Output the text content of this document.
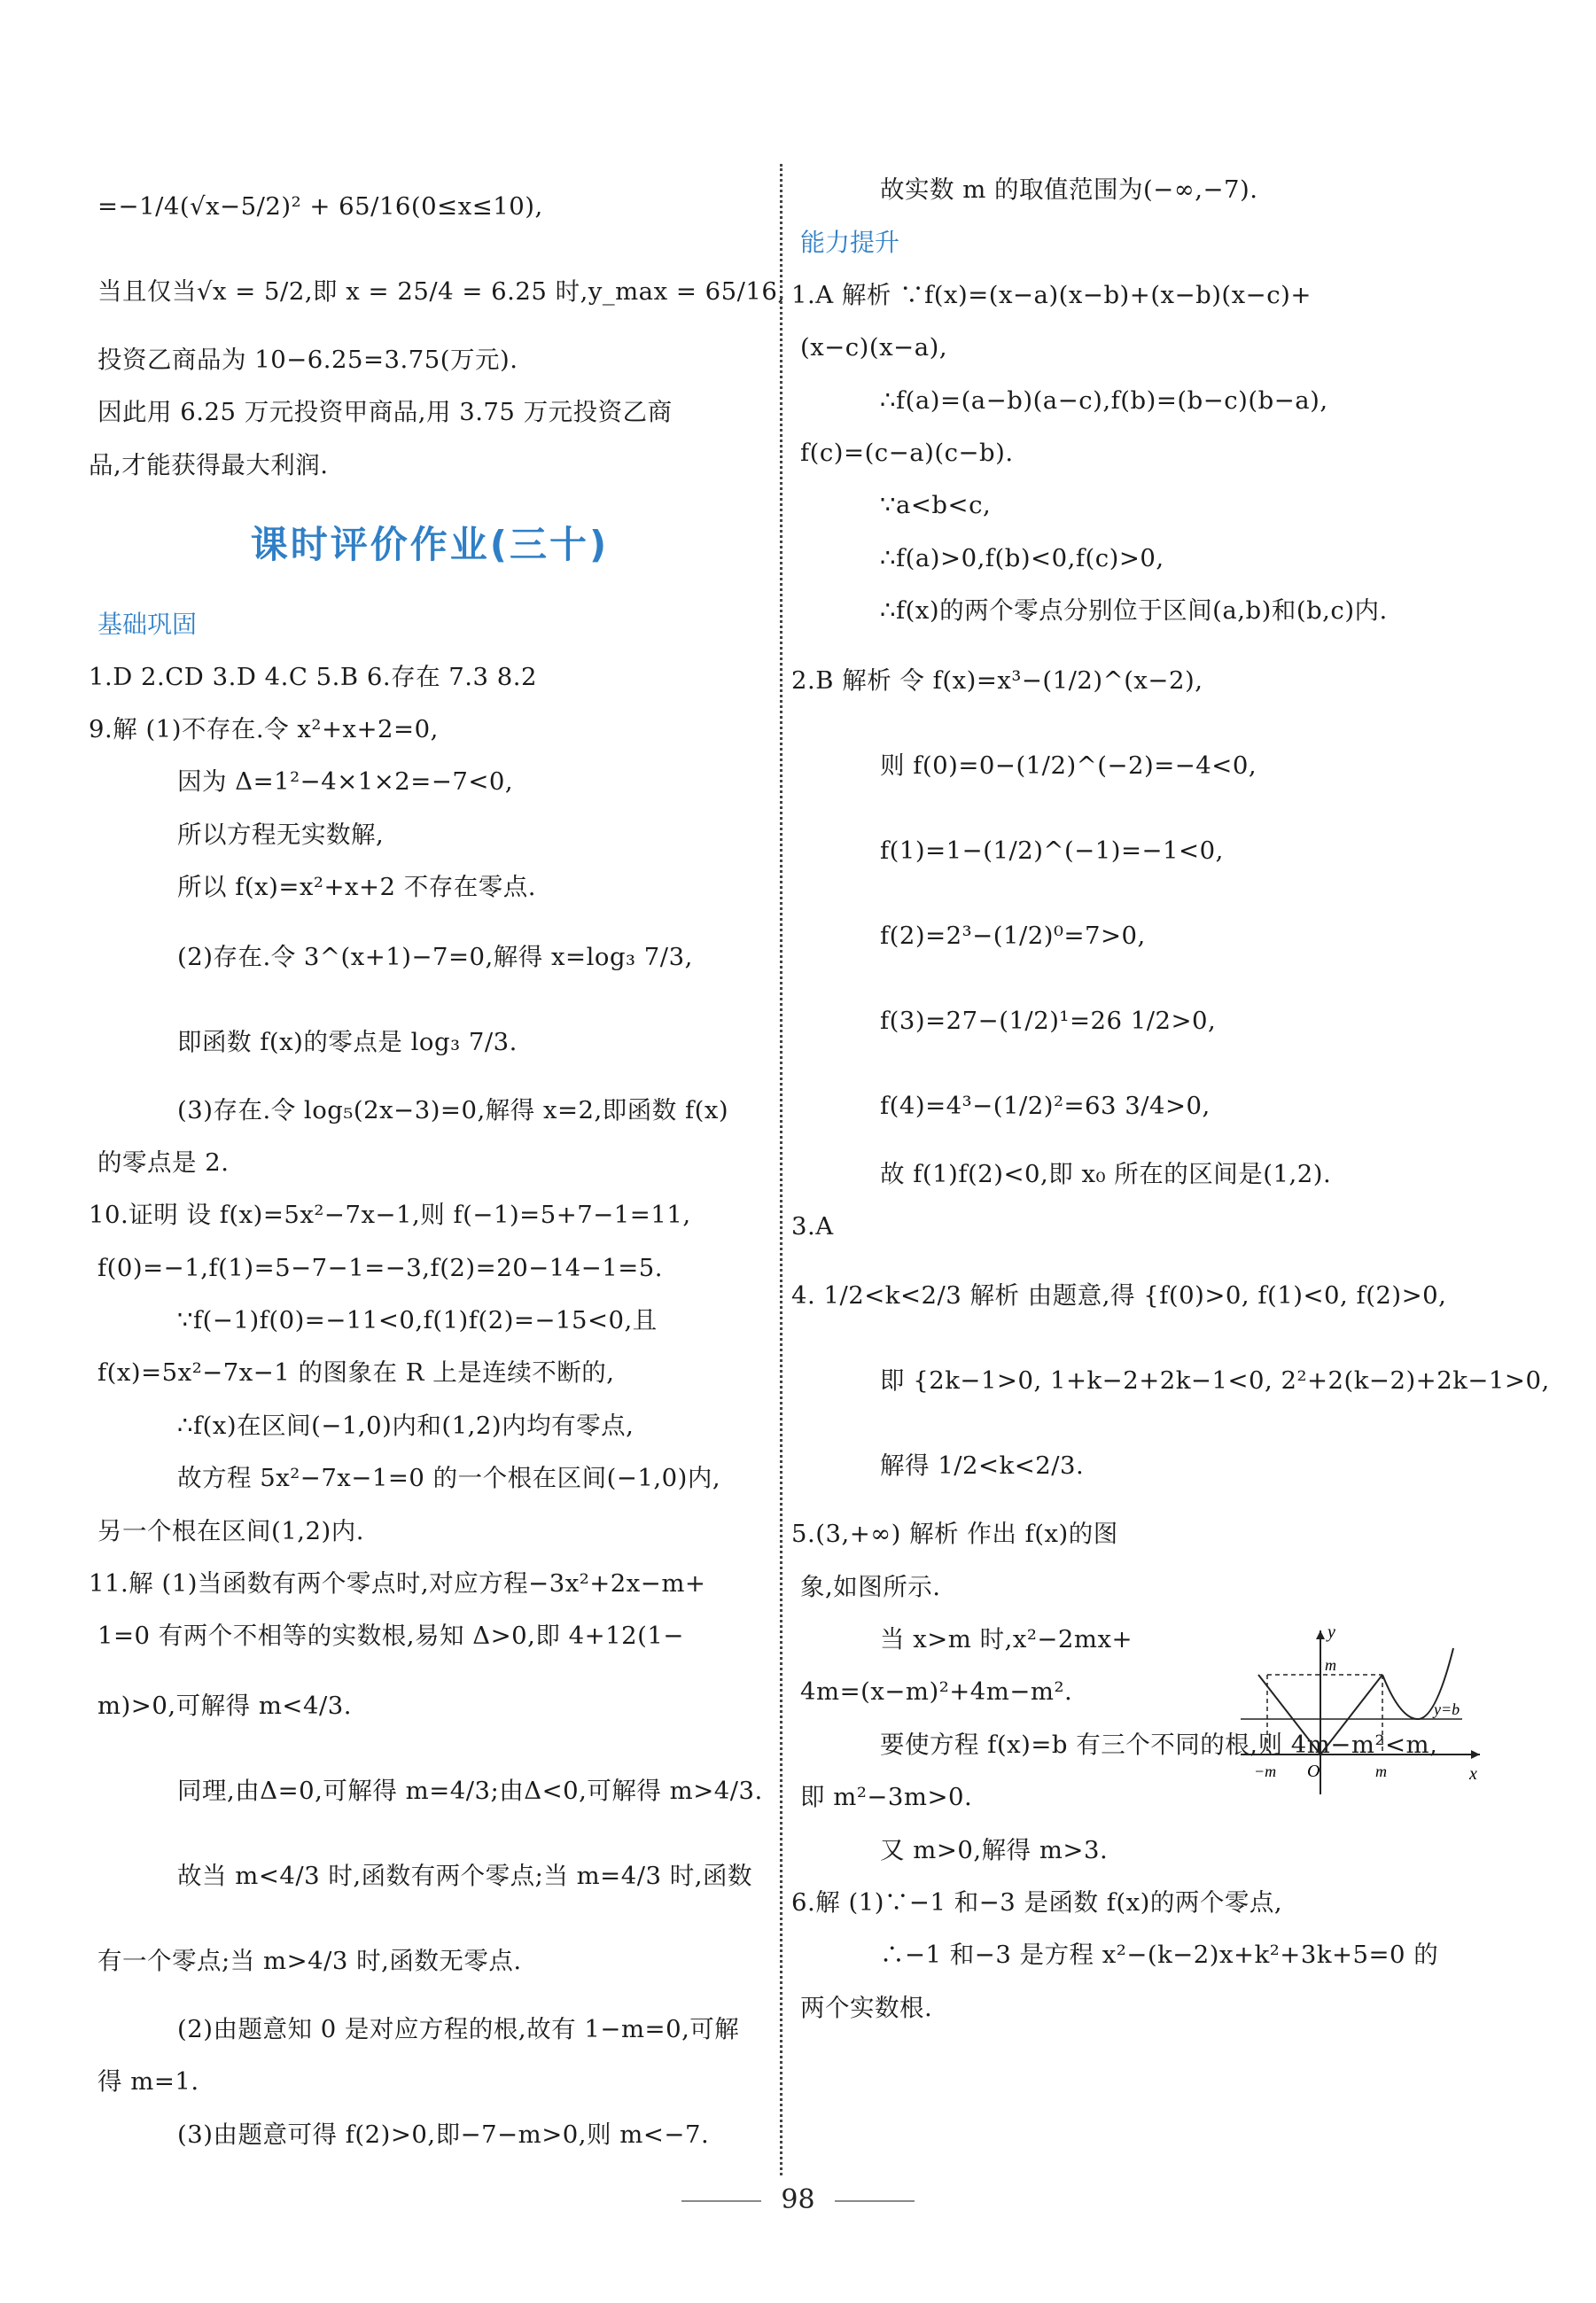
=−1/4(√x−5/2)² + 65/16(0≤x≤10),
当且仅当√x = 5/2,即 x = 25/4 = 6.25 时,y_max = 65/16,
投资乙商品为 10−6.25=3.75(万元).
因此用 6.25 万元投资甲商品,用 3.75 万元投资乙商
品,才能获得最大利润.
课时评价作业(三十)
基础巩固
1.D 2.CD 3.D 4.C 5.B 6.存在 7.3 8.2
9.解 (1)不存在.令 x²+x+2=0,
因为 Δ=1²−4×1×2=−7<0,
所以方程无实数解,
所以 f(x)=x²+x+2 不存在零点.
(2)存在.令 3^(x+1)−7=0,解得 x=log₃ 7/3,
即函数 f(x)的零点是 log₃ 7/3.
(3)存在.令 log₅(2x−3)=0,解得 x=2,即函数 f(x)
的零点是 2.
10.证明 设 f(x)=5x²−7x−1,则 f(−1)=5+7−1=11,
f(0)=−1,f(1)=5−7−1=−3,f(2)=20−14−1=5.
∵f(−1)f(0)=−11<0,f(1)f(2)=−15<0,且
f(x)=5x²−7x−1 的图象在 R 上是连续不断的,
∴f(x)在区间(−1,0)内和(1,2)内均有零点,
故方程 5x²−7x−1=0 的一个根在区间(−1,0)内,
另一个根在区间(1,2)内.
11.解 (1)当函数有两个零点时,对应方程−3x²+2x−m+
1=0 有两个不相等的实数根,易知 Δ>0,即 4+12(1−
m)>0,可解得 m<4/3.
同理,由Δ=0,可解得 m=4/3;由Δ<0,可解得 m>4/3.
故当 m<4/3 时,函数有两个零点;当 m=4/3 时,函数
有一个零点;当 m>4/3 时,函数无零点.
(2)由题意知 0 是对应方程的根,故有 1−m=0,可解
得 m=1.
(3)由题意可得 f(2)>0,即−7−m>0,则 m<−7.
故实数 m 的取值范围为(−∞,−7).
能力提升
1.A 解析 ∵f(x)=(x−a)(x−b)+(x−b)(x−c)+
(x−c)(x−a),
∴f(a)=(a−b)(a−c),f(b)=(b−c)(b−a),
f(c)=(c−a)(c−b).
∵a<b<c,
∴f(a)>0,f(b)<0,f(c)>0,
∴f(x)的两个零点分别位于区间(a,b)和(b,c)内.
2.B 解析 令 f(x)=x³−(1/2)^(x−2),
则 f(0)=0−(1/2)^(−2)=−4<0,
f(1)=1−(1/2)^(−1)=−1<0,
f(2)=2³−(1/2)⁰=7>0,
f(3)=27−(1/2)¹=26 1/2>0,
f(4)=4³−(1/2)²=63 3/4>0,
故 f(1)f(2)<0,即 x₀ 所在的区间是(1,2).
3.A
4. 1/2<k<2/3 解析 由题意,得 {f(0)>0, f(1)<0, f(2)>0,
即 {2k−1>0, 1+k−2+2k−1<0, 2²+2(k−2)+2k−1>0,
解得 1/2<k<2/3.
5.(3,+∞) 解析 作出 f(x)的图
象,如图所示.
当 x>m 时,x²−2mx+
4m=(x−m)²+4m−m².
要使方程 f(x)=b 有三个不同的根,则 4m−m²<m,
即 m²−3m>0.
又 m>0,解得 m>3.
6.解 (1)∵−1 和−3 是函数 f(x)的两个零点,
∴−1 和−3 是方程 x²−(k−2)x+k²+3k+5=0 的
两个实数根.
y
x
O
m
−m	m
y=b
98
